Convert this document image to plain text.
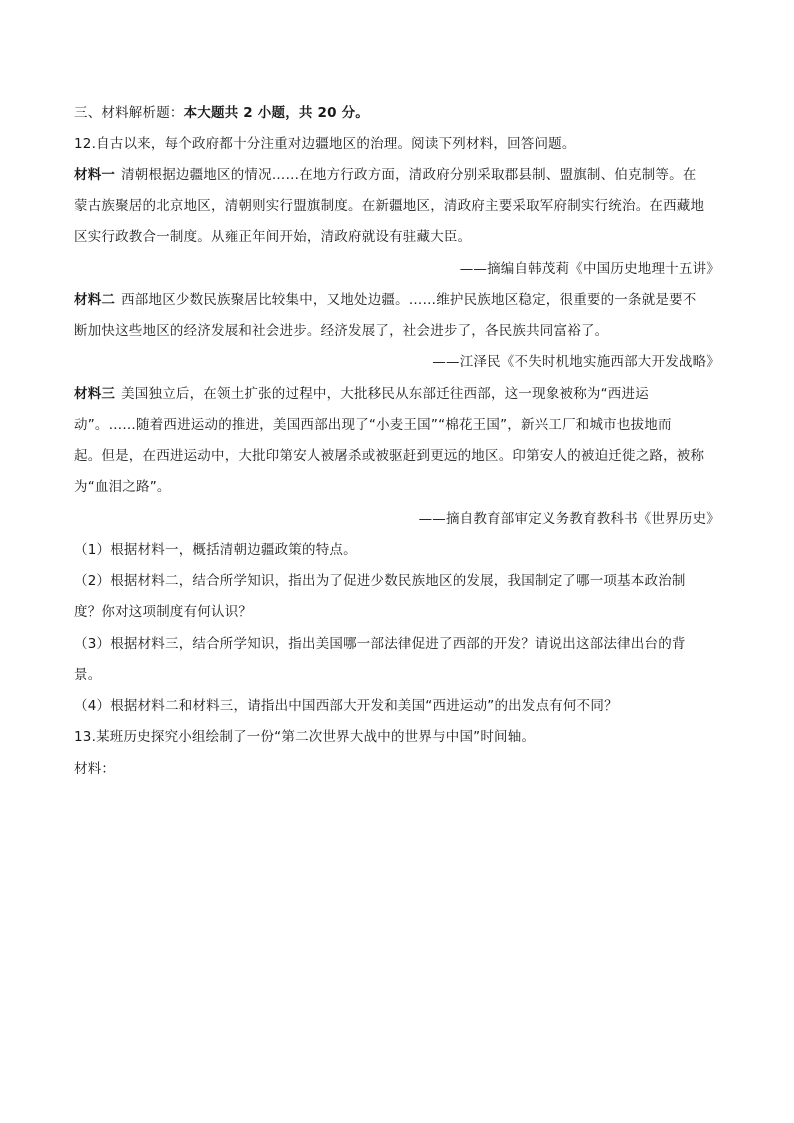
三、材料解析题：本大题共 2 小题，共 20 分。
12.自古以来，每个政府都十分注重对边疆地区的治理。阅读下列材料，回答问题。
材料一 清朝根据边疆地区的情况……在地方行政方面，清政府分别采取郡县制、盟旗制、伯克制等。在
蒙古族聚居的北京地区，清朝则实行盟旗制度。在新疆地区，清政府主要采取军府制实行统治。在西藏地
区实行政教合一制度。从雍正年间开始，清政府就设有驻藏大臣。
——摘编自韩茂莉《中国历史地理十五讲》
材料二 西部地区少数民族聚居比较集中，又地处边疆。……维护民族地区稳定，很重要的一条就是要不
断加快这些地区的经济发展和社会进步。经济发展了，社会进步了，各民族共同富裕了。
——江泽民《不失时机地实施西部大开发战略》
材料三 美国独立后，在领土扩张的过程中，大批移民从东部迁往西部，这一现象被称为“西进运
动”。……随着西进运动的推进，美国西部出现了“小麦王国”“棉花王国”，新兴工厂和城市也拔地而
起。但是，在西进运动中，大批印第安人被屠杀或被驱赶到更远的地区。印第安人的被迫迁徙之路，被称
为“血泪之路”。
——摘自教育部审定义务教育教科书《世界历史》
（1）根据材料一，概括清朝边疆政策的特点。
（2）根据材料二，结合所学知识，指出为了促进少数民族地区的发展，我国制定了哪一项基本政治制
度？你对这项制度有何认识？
（3）根据材料三，结合所学知识，指出美国哪一部法律促进了西部的开发？请说出这部法律出台的背
景。
（4）根据材料二和材料三，请指出中国西部大开发和美国“西进运动”的出发点有何不同？
13.某班历史探究小组绘制了一份“第二次世界大战中的世界与中国”时间轴。
材料：
